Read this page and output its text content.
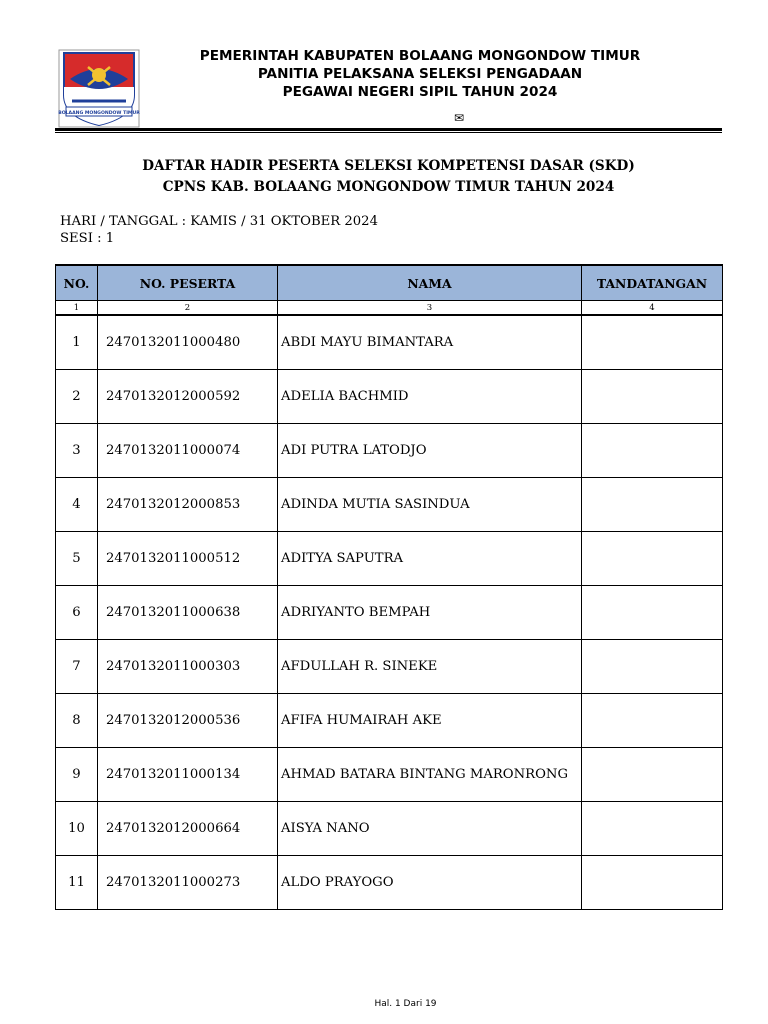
BOLAANG MONGONDOW TIMUR
PEMERINTAH KABUPATEN BOLAANG MONGONDOW TIMUR
PANITIA PELAKSANA SELEKSI PENGADAAN
PEGAWAI NEGERI SIPIL TAHUN 2024
✉
DAFTAR HADIR PESERTA SELEKSI KOMPETENSI DASAR (SKD)
CPNS KAB. BOLAANG MONGONDOW TIMUR TAHUN 2024
HARI / TANGGAL : KAMIS / 31 OKTOBER 2024
SESI : 1
NO.	NO. PESERTA	NAMA	TANDATANGAN
1	2	3	4
1	2470132011000480	ABDI MAYU BIMANTARA	
2	2470132012000592	ADELIA BACHMID	
3	2470132011000074	ADI PUTRA LATODJO	
4	2470132012000853	ADINDA MUTIA SASINDUA	
5	2470132011000512	ADITYA SAPUTRA	
6	2470132011000638	ADRIYANTO BEMPAH	
7	2470132011000303	AFDULLAH R. SINEKE	
8	2470132012000536	AFIFA HUMAIRAH AKE	
9	2470132011000134	AHMAD BATARA BINTANG MARONRONG	
10	2470132012000664	AISYA NANO	
11	2470132011000273	ALDO PRAYOGO	
Hal. 1 Dari 19
